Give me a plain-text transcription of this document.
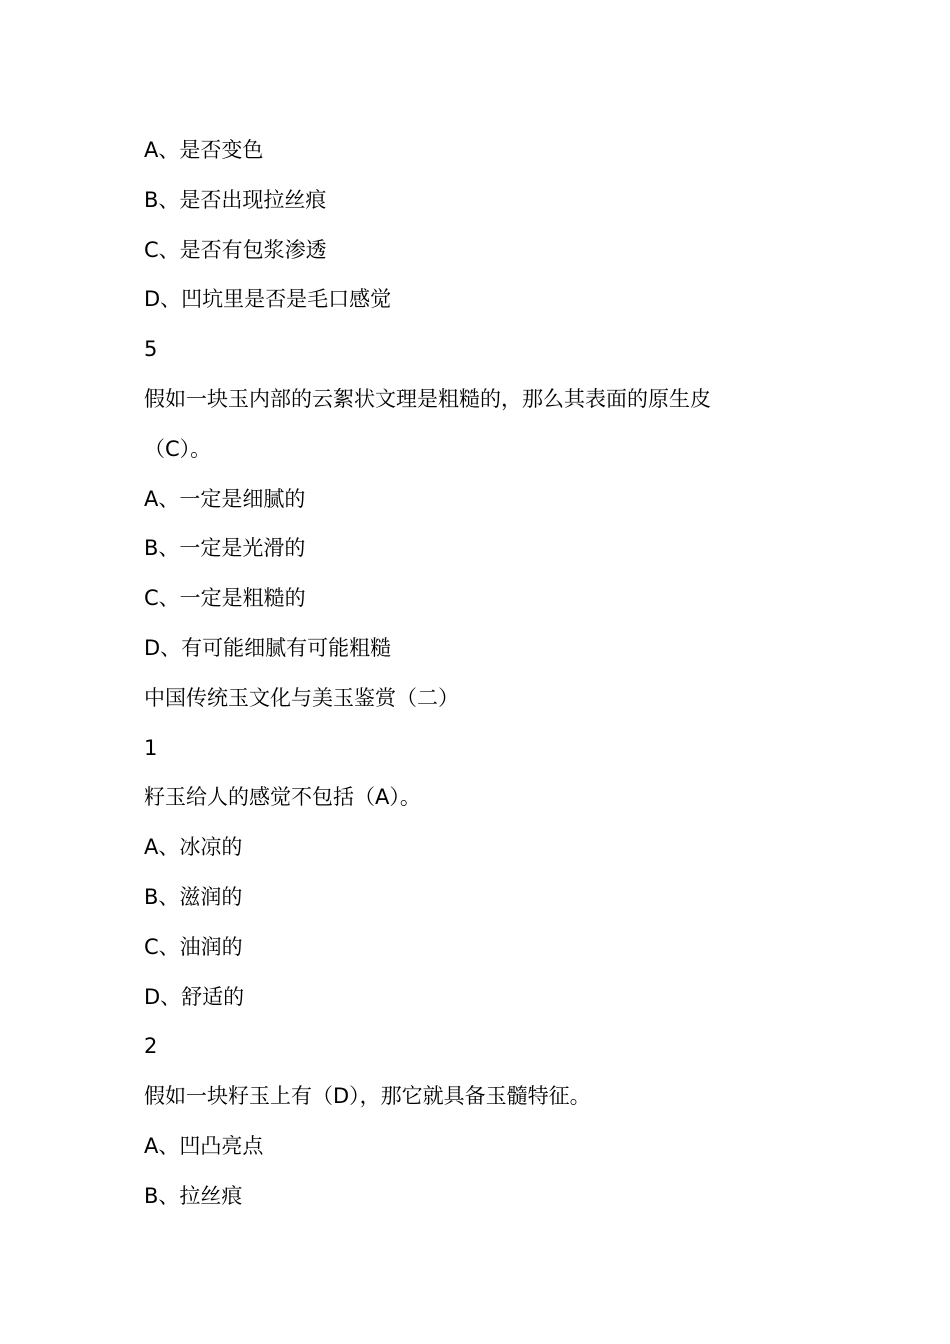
A、是否变色
B、是否出现拉丝痕
C、是否有包浆渗透
D、凹坑里是否是毛口感觉
5
假如一块玉内部的云絮状文理是粗糙的，那么其表面的原生皮
（C）。
A、一定是细腻的
B、一定是光滑的
C、一定是粗糙的
D、有可能细腻有可能粗糙
中国传统玉文化与美玉鉴赏（二）
1
籽玉给人的感觉不包括（A）。
A、冰凉的
B、滋润的
C、油润的
D、舒适的
2
假如一块籽玉上有（D），那它就具备玉髓特征。
A、凹凸亮点
B、拉丝痕
